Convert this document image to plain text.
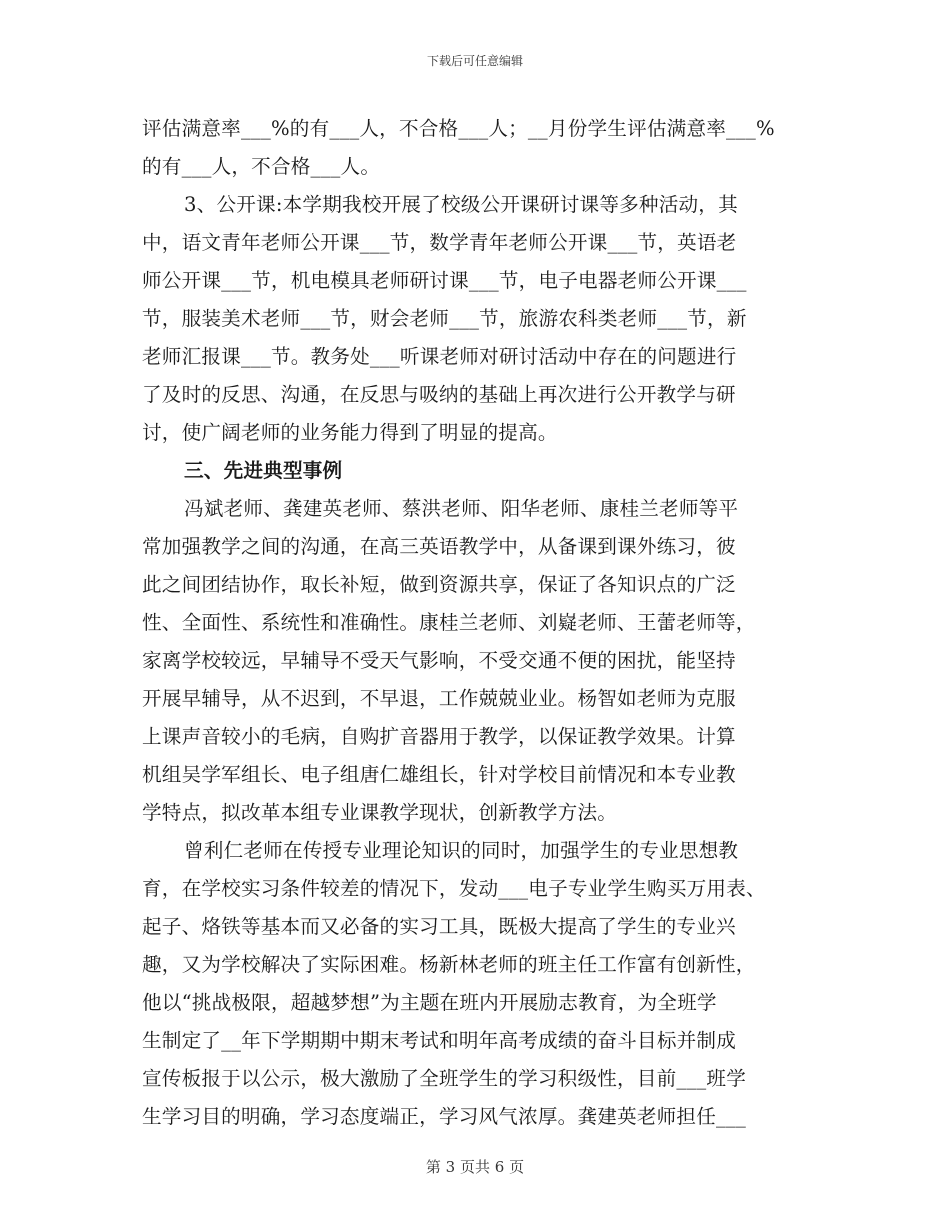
下载后可任意编辑
评估满意率___%的有___人，不合格___人；__月份学生评估满意率___%
的有___人，不合格___人。
3、公开课:本学期我校开展了校级公开课研讨课等多种活动，其
中，语文青年老师公开课___节，数学青年老师公开课___节，英语老
师公开课___节，机电模具老师研讨课___节，电子电器老师公开课___
节，服装美术老师___节，财会老师___节，旅游农科类老师___节，新
老师汇报课___节。教务处___听课老师对研讨活动中存在的问题进行
了及时的反思、沟通，在反思与吸纳的基础上再次进行公开教学与研
讨，使广阔老师的业务能力得到了明显的提高。
三、先进典型事例
冯斌老师、龚建英老师、蔡洪老师、阳华老师、康桂兰老师等平
常加强教学之间的沟通，在高三英语教学中，从备课到课外练习，彼
此之间团结协作，取长补短，做到资源共享，保证了各知识点的广泛
性、全面性、系统性和准确性。康桂兰老师、刘嶷老师、王蕾老师等，
家离学校较远，早辅导不受天气影响，不受交通不便的困扰，能坚持
开展早辅导，从不迟到，不早退，工作兢兢业业。杨智如老师为克服
上课声音较小的毛病，自购扩音器用于教学，以保证教学效果。计算
机组吴学军组长、电子组唐仁雄组长，针对学校目前情况和本专业教
学特点，拟改革本组专业课教学现状，创新教学方法。
曾利仁老师在传授专业理论知识的同时，加强学生的专业思想教
育，在学校实习条件较差的情况下，发动___电子专业学生购买万用表、
起子、烙铁等基本而又必备的实习工具，既极大提高了学生的专业兴
趣，又为学校解决了实际困难。杨新林老师的班主任工作富有创新性，
他以“挑战极限，超越梦想”为主题在班内开展励志教育，为全班学
生制定了__年下学期期中期末考试和明年高考成绩的奋斗目标并制成
宣传板报于以公示，极大激励了全班学生的学习积级性，目前___班学
生学习目的明确，学习态度端正，学习风气浓厚。龚建英老师担任___
第 3 页共 6 页
